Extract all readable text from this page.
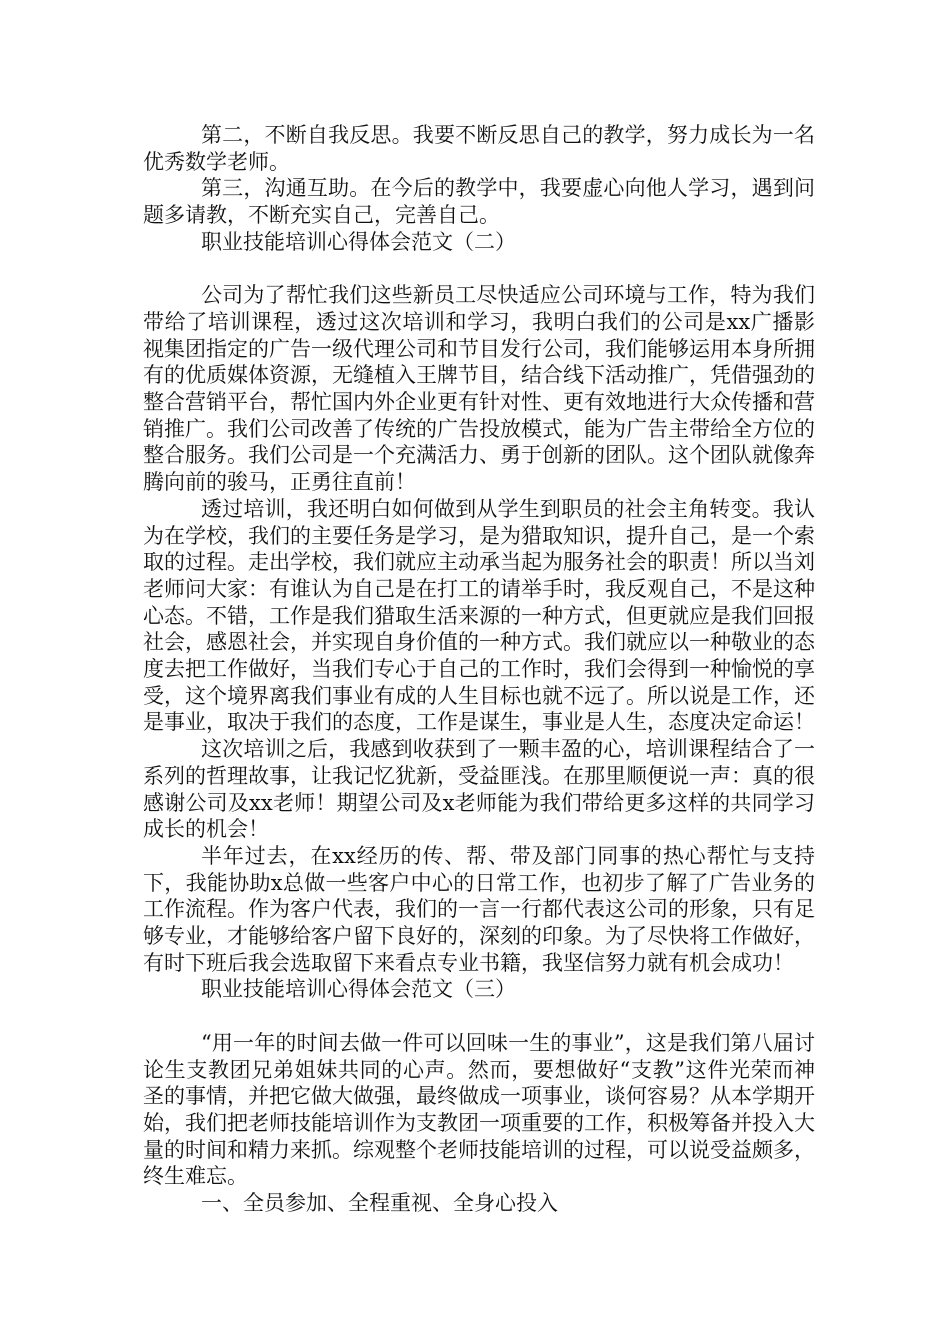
第二，不断自我反思。我要不断反思自己的教学，努力成长为一名优秀数学老师。

第三，沟通互助。在今后的教学中，我要虚心向他人学习，遇到问题多请教，不断充实自己，完善自己。

职业技能培训心得体会范文（二）

公司为了帮忙我们这些新员工尽快适应公司环境与工作，特为我们带给了培训课程，透过这次培训和学习，我明白我们的公司是xx广播影视集团指定的广告一级代理公司和节目发行公司，我们能够运用本身所拥有的优质媒体资源，无缝植入王牌节目，结合线下活动推广，凭借强劲的整合营销平台，帮忙国内外企业更有针对性、更有效地进行大众传播和营销推广。我们公司改善了传统的广告投放模式，能为广告主带给全方位的整合服务。我们公司是一个充满活力、勇于创新的团队。这个团队就像奔腾向前的骏马，正勇往直前！

透过培训，我还明白如何做到从学生到职员的社会主角转变。我认为在学校，我们的主要任务是学习，是为猎取知识，提升自己，是一个索取的过程。走出学校，我们就应主动承当起为服务社会的职责！所以当刘老师问大家：有谁认为自己是在打工的请举手时，我反观自己，不是这种心态。不错，工作是我们猎取生活来源的一种方式，但更就应是我们回报社会，感恩社会，并实现自身价值的一种方式。我们就应以一种敬业的态度去把工作做好，当我们专心于自己的工作时，我们会得到一种愉悦的享受，这个境界离我们事业有成的人生目标也就不远了。所以说是工作，还是事业，取决于我们的态度，工作是谋生，事业是人生，态度决定命运！

这次培训之后，我感到收获到了一颗丰盈的心，培训课程结合了一系列的哲理故事，让我记忆犹新，受益匪浅。在那里顺便说一声：真的很感谢公司及xx老师！期望公司及x老师能为我们带给更多这样的共同学习成长的机会！

半年过去，在xx经历的传、帮、带及部门同事的热心帮忙与支持下，我能协助x总做一些客户中心的日常工作，也初步了解了广告业务的工作流程。作为客户代表，我们的一言一行都代表这公司的形象，只有足够专业，才能够给客户留下良好的，深刻的印象。为了尽快将工作做好，有时下班后我会选取留下来看点专业书籍，我坚信努力就有机会成功！

职业技能培训心得体会范文（三）

“用一年的时间去做一件可以回味一生的事业”，这是我们第八届讨论生支教团兄弟姐妹共同的心声。然而，要想做好“支教”这件光荣而神圣的事情，并把它做大做强，最终做成一项事业，谈何容易？从本学期开始，我们把老师技能培训作为支教团一项重要的工作，积极筹备并投入大量的时间和精力来抓。综观整个老师技能培训的过程，可以说受益颇多，终生难忘。

一、全员参加、全程重视、全身心投入
